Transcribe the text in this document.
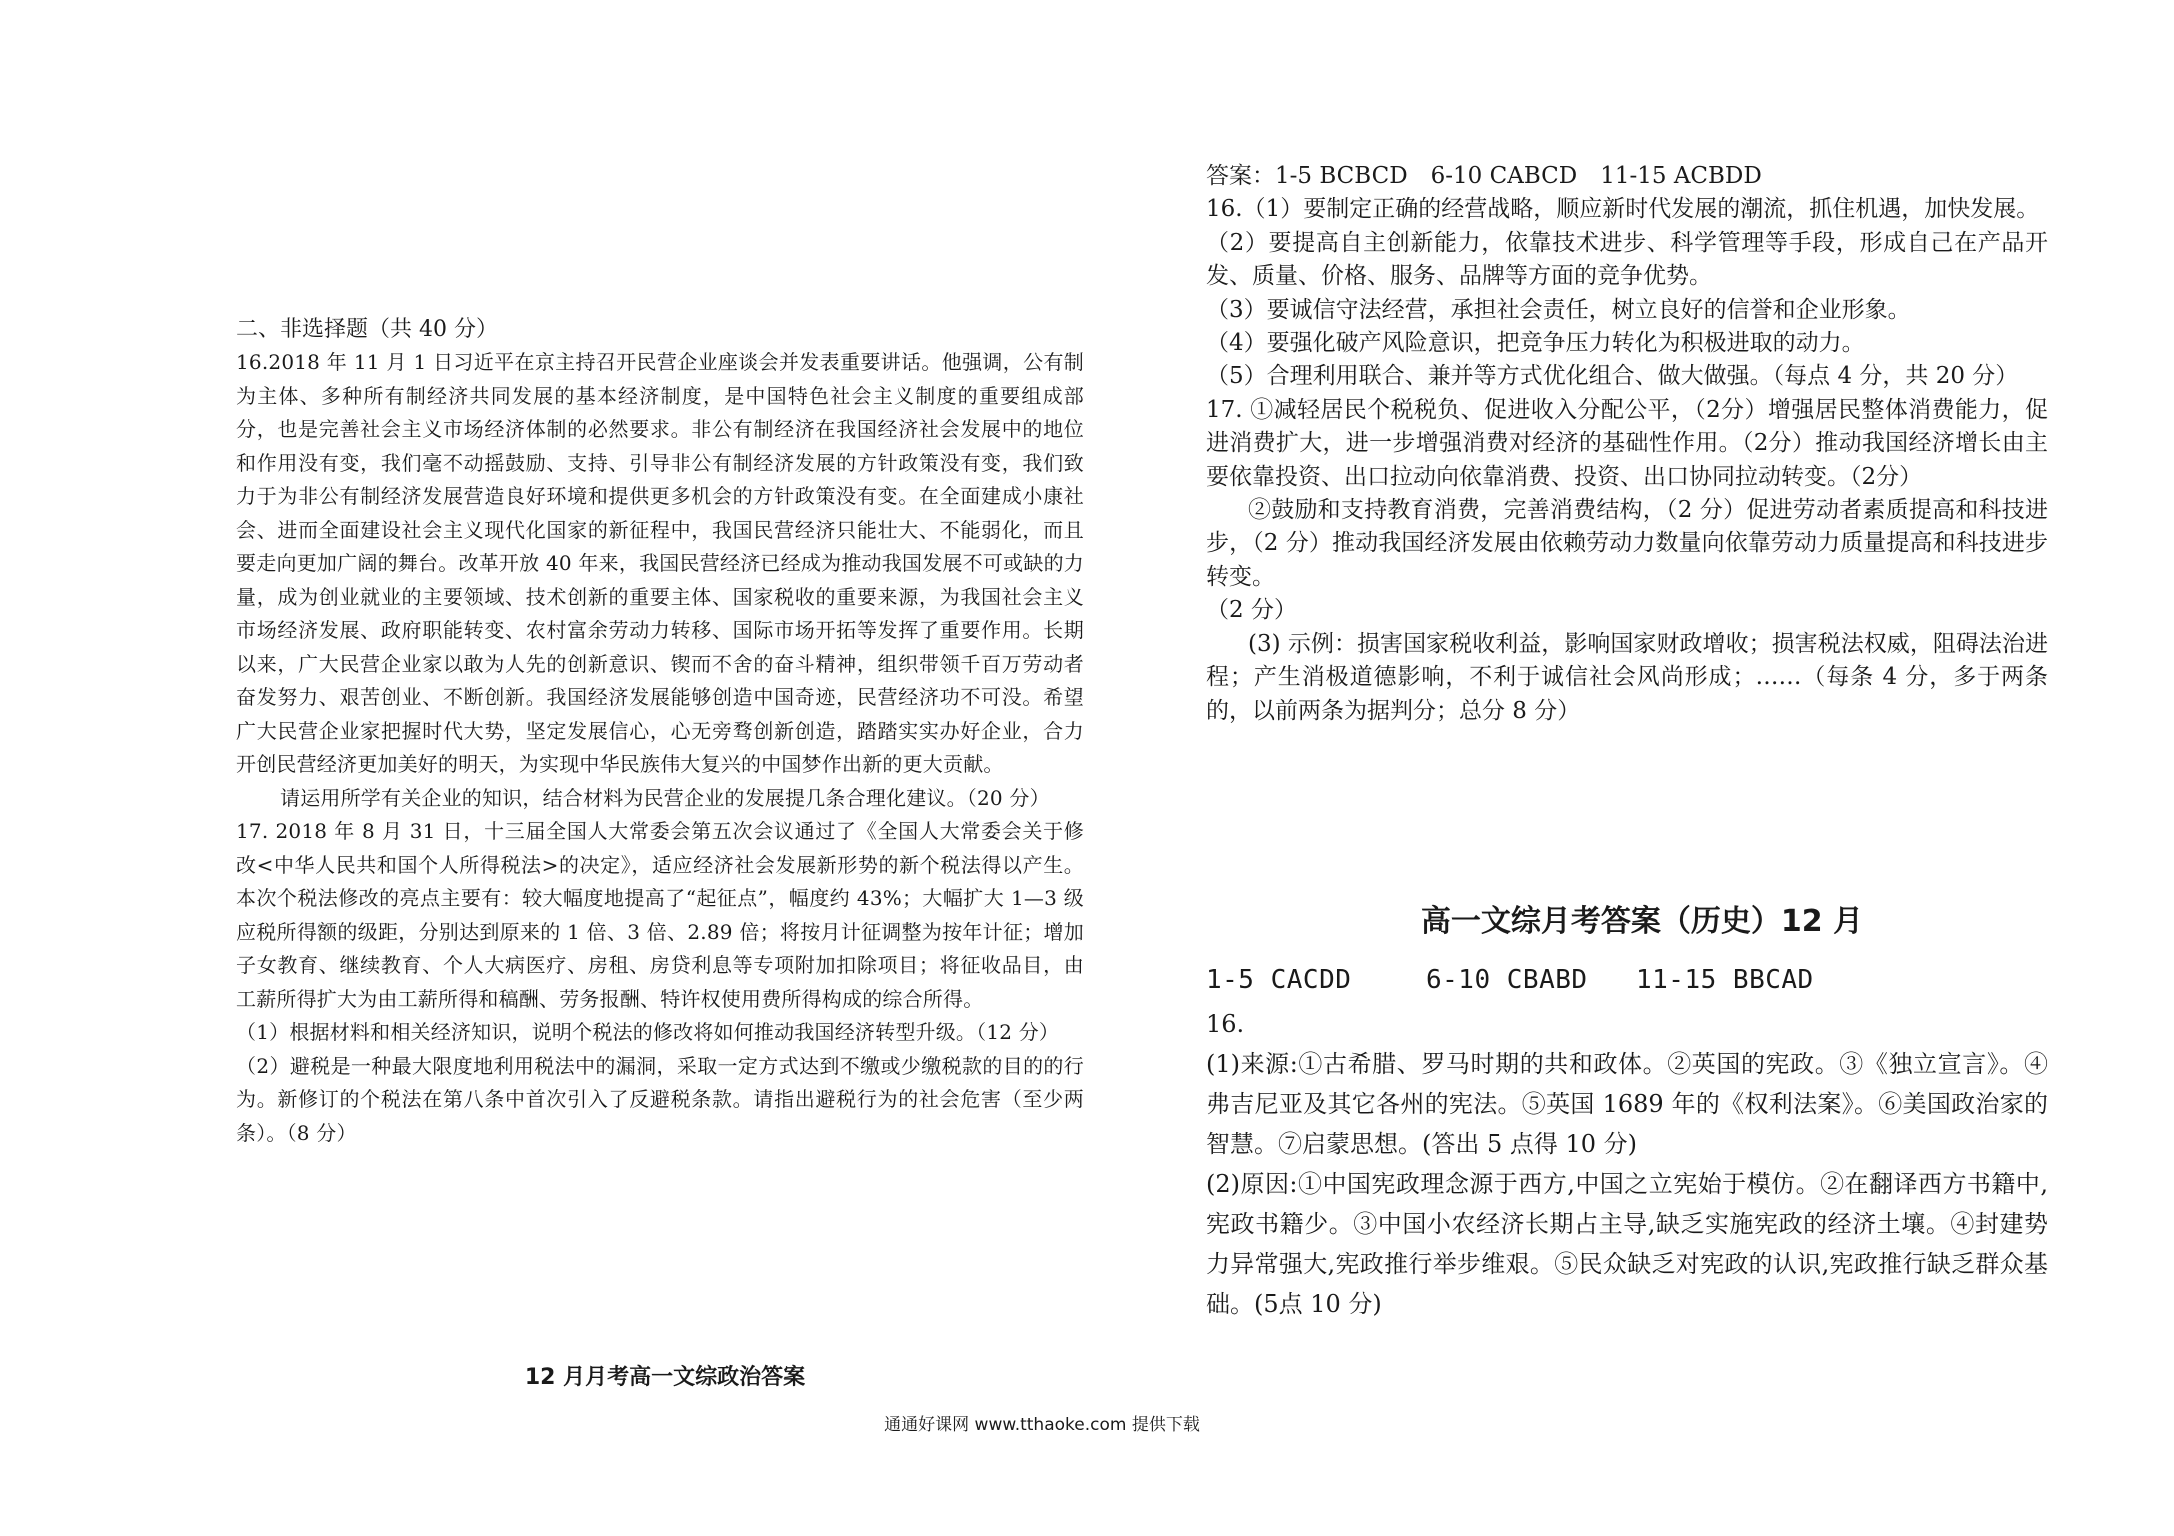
二、非选择题（共 40 分）

16.2018 年 11 月 1 日习近平在京主持召开民营企业座谈会并发表重要讲话。他强调，公有制为主体、多种所有制经济共同发展的基本经济制度，是中国特色社会主义制度的重要组成部分，也是完善社会主义市场经济体制的必然要求。非公有制经济在我国经济社会发展中的地位和作用没有变，我们毫不动摇鼓励、支持、引导非公有制经济发展的方针政策没有变，我们致力于为非公有制经济发展营造良好环境和提供更多机会的方针政策没有变。在全面建成小康社会、进而全面建设社会主义现代化国家的新征程中，我国民营经济只能壮大、不能弱化，而且要走向更加广阔的舞台。改革开放 40 年来，我国民营经济已经成为推动我国发展不可或缺的力量，成为创业就业的主要领域、技术创新的重要主体、国家税收的重要来源，为我国社会主义市场经济发展、政府职能转变、农村富余劳动力转移、国际市场开拓等发挥了重要作用。长期以来，广大民营企业家以敢为人先的创新意识、锲而不舍的奋斗精神，组织带领千百万劳动者奋发努力、艰苦创业、不断创新。我国经济发展能够创造中国奇迹，民营经济功不可没。希望广大民营企业家把握时代大势，坚定发展信心，心无旁骛创新创造，踏踏实实办好企业，合力开创民营经济更加美好的明天，为实现中华民族伟大复兴的中国梦作出新的更大贡献。

请运用所学有关企业的知识，结合材料为民营企业的发展提几条合理化建议。（20 分）

17. 2018 年 8 月 31 日，十三届全国人大常委会第五次会议通过了《全国人大常委会关于修改<中华人民共和国个人所得税法>的决定》，适应经济社会发展新形势的新个税法得以产生。本次个税法修改的亮点主要有：较大幅度地提高了“起征点”，幅度约 43%；大幅扩大 1—3 级应税所得额的级距，分别达到原来的 1 倍、3 倍、2.89 倍；将按月计征调整为按年计征；增加子女教育、继续教育、个人大病医疗、房租、房贷利息等专项附加扣除项目；将征收品目，由工薪所得扩大为由工薪所得和稿酬、劳务报酬、特许权使用费所得构成的综合所得。

（1）根据材料和相关经济知识，说明个税法的修改将如何推动我国经济转型升级。（12 分）

（2）避税是一种最大限度地利用税法中的漏洞，采取一定方式达到不缴或少缴税款的目的的行为。新修订的个税法在第八条中首次引入了反避税条款。请指出避税行为的社会危害（至少两条）。（8 分）

12 月月考高一文综政治答案

答案：1-5 BCBCD　6-10 CABCD　11-15 ACBDD

16.（1）要制定正确的经营战略，顺应新时代发展的潮流，抓住机遇，加快发展。

（2）要提高自主创新能力，依靠技术进步、科学管理等手段，形成自己在产品开发、质量、价格、服务、品牌等方面的竞争优势。

（3）要诚信守法经营，承担社会责任，树立良好的信誉和企业形象。

（4）要强化破产风险意识，把竞争压力转化为积极进取的动力。

（5）合理利用联合、兼并等方式优化组合、做大做强。（每点 4 分，共 20 分）

17. ①减轻居民个税税负、促进收入分配公平，（2分）增强居民整体消费能力，促进消费扩大，进一步增强消费对经济的基础性作用。（2分）推动我国经济增长由主要依靠投资、出口拉动向依靠消费、投资、出口协同拉动转变。（2分）

②鼓励和支持教育消费，完善消费结构，（2 分）促进劳动者素质提高和科技进步，（2 分）推动我国经济发展由依赖劳动力数量向依靠劳动力质量提高和科技进步转变。

（2 分）

(3) 示例：损害国家税收利益，影响国家财政增收；损害税法权威，阻碍法治进程；产生消极道德影响，不利于诚信社会风尚形成；……（每条 4 分，多于两条的，以前两条为据判分；总分 8 分）

高一文综月考答案（历史）12 月

1-5 CACDD	6-10 CBABD 11-15 BBCAD

16.

(1)来源:①古希腊、罗马时期的共和政体。②英国的宪政。③《独立宣言》。④弗吉尼亚及其它各州的宪法。⑤英国 1689 年的《权利法案》。⑥美国政治家的智慧。⑦启蒙思想。(答出 5 点得 10 分)

(2)原因:①中国宪政理念源于西方,中国之立宪始于模仿。②在翻译西方书籍中,宪政书籍少。③中国小农经济长期占主导,缺乏实施宪政的经济土壤。④封建势力异常强大,宪政推行举步维艰。⑤民众缺乏对宪政的认识,宪政推行缺乏群众基础。(5点 10 分)

通通好课网 www.tthaoke.com 提供下载
